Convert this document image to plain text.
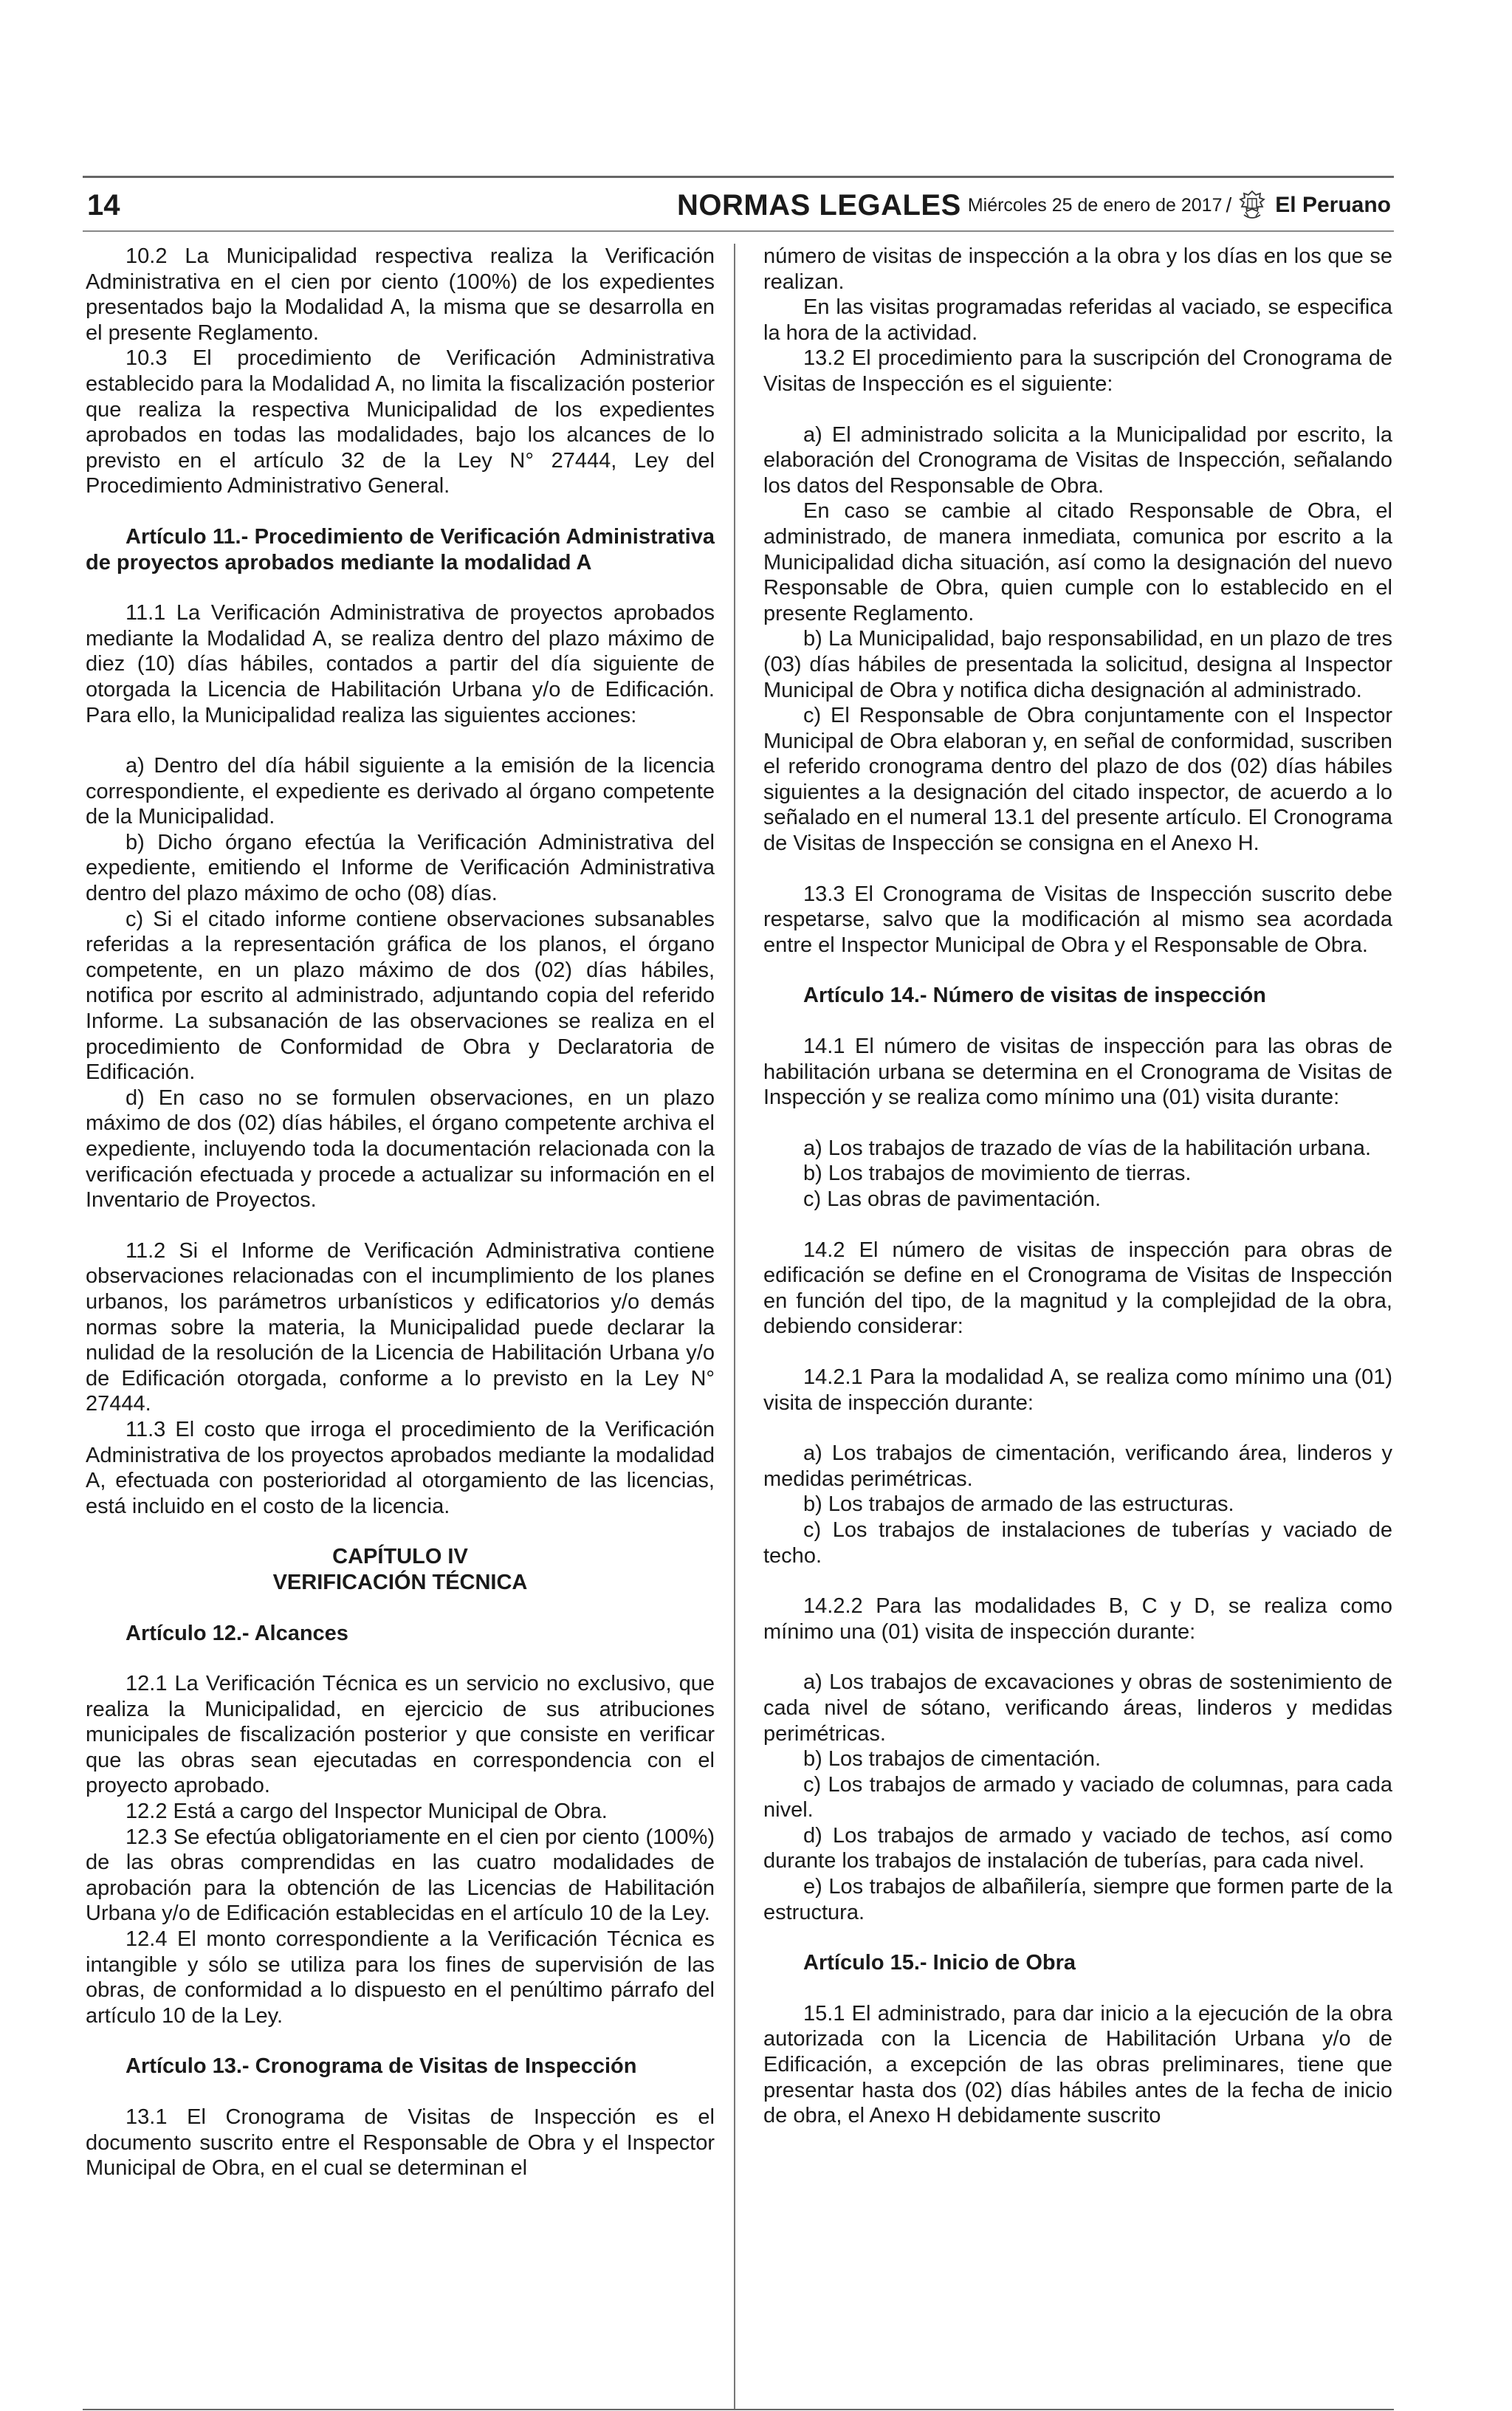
14	NORMAS LEGALES Miércoles 25 de enero de 2017 / El Peruano

10.2 La Municipalidad respectiva realiza la Verificación Administrativa en el cien por ciento (100%) de los expedientes presentados bajo la Modalidad A, la misma que se desarrolla en el presente Reglamento.

10.3 El procedimiento de Verificación Administrativa establecido para la Modalidad A, no limita la fiscalización posterior que realiza la respectiva Municipalidad de los expedientes aprobados en todas las modalidades, bajo los alcances de lo previsto en el artículo 32 de la Ley N° 27444, Ley del Procedimiento Administrativo General.

Artículo 11.- Procedimiento de Verificación Administrativa de proyectos aprobados mediante la modalidad A

11.1 La Verificación Administrativa de proyectos aprobados mediante la Modalidad A, se realiza dentro del plazo máximo de diez (10) días hábiles, contados a partir del día siguiente de otorgada la Licencia de Habilitación Urbana y/o de Edificación. Para ello, la Municipalidad realiza las siguientes acciones:

a) Dentro del día hábil siguiente a la emisión de la licencia correspondiente, el expediente es derivado al órgano competente de la Municipalidad.

b) Dicho órgano efectúa la Verificación Administrativa del expediente, emitiendo el Informe de Verificación Administrativa dentro del plazo máximo de ocho (08) días.

c) Si el citado informe contiene observaciones subsanables referidas a la representación gráfica de los planos, el órgano competente, en un plazo máximo de dos (02) días hábiles, notifica por escrito al administrado, adjuntando copia del referido Informe. La subsanación de las observaciones se realiza en el procedimiento de Conformidad de Obra y Declaratoria de Edificación.

d) En caso no se formulen observaciones, en un plazo máximo de dos (02) días hábiles, el órgano competente archiva el expediente, incluyendo toda la documentación relacionada con la verificación efectuada y procede a actualizar su información en el Inventario de Proyectos.

11.2 Si el Informe de Verificación Administrativa contiene observaciones relacionadas con el incumplimiento de los planes urbanos, los parámetros urbanísticos y edificatorios y/o demás normas sobre la materia, la Municipalidad puede declarar la nulidad de la resolución de la Licencia de Habilitación Urbana y/o de Edificación otorgada, conforme a lo previsto en la Ley N° 27444.

11.3 El costo que irroga el procedimiento de la Verificación Administrativa de los proyectos aprobados mediante la modalidad A, efectuada con posterioridad al otorgamiento de las licencias, está incluido en el costo de la licencia.

CAPÍTULO IV
VERIFICACIÓN TÉCNICA
Artículo 12.- Alcances

12.1 La Verificación Técnica es un servicio no exclusivo, que realiza la Municipalidad, en ejercicio de sus atribuciones municipales de fiscalización posterior y que consiste en verificar que las obras sean ejecutadas en correspondencia con el proyecto aprobado.

12.2 Está a cargo del Inspector Municipal de Obra.

12.3 Se efectúa obligatoriamente en el cien por ciento (100%) de las obras comprendidas en las cuatro modalidades de aprobación para la obtención de las Licencias de Habilitación Urbana y/o de Edificación establecidas en el artículo 10 de la Ley.

12.4 El monto correspondiente a la Verificación Técnica es intangible y sólo se utiliza para los fines de supervisión de las obras, de conformidad a lo dispuesto en el penúltimo párrafo del artículo 10 de la Ley.

Artículo 13.- Cronograma de Visitas de Inspección

13.1 El Cronograma de Visitas de Inspección es el documento suscrito entre el Responsable de Obra y el Inspector Municipal de Obra, en el cual se determinan el

número de visitas de inspección a la obra y los días en los que se realizan.

En las visitas programadas referidas al vaciado, se especifica la hora de la actividad.

13.2 El procedimiento para la suscripción del Cronograma de Visitas de Inspección es el siguiente:

a) El administrado solicita a la Municipalidad por escrito, la elaboración del Cronograma de Visitas de Inspección, señalando los datos del Responsable de Obra.

En caso se cambie al citado Responsable de Obra, el administrado, de manera inmediata, comunica por escrito a la Municipalidad dicha situación, así como la designación del nuevo Responsable de Obra, quien cumple con lo establecido en el presente Reglamento.

b) La Municipalidad, bajo responsabilidad, en un plazo de tres (03) días hábiles de presentada la solicitud, designa al Inspector Municipal de Obra y notifica dicha designación al administrado.

c) El Responsable de Obra conjuntamente con el Inspector Municipal de Obra elaboran y, en señal de conformidad, suscriben el referido cronograma dentro del plazo de dos (02) días hábiles siguientes a la designación del citado inspector, de acuerdo a lo señalado en el numeral 13.1 del presente artículo. El Cronograma de Visitas de Inspección se consigna en el Anexo H.

13.3 El Cronograma de Visitas de Inspección suscrito debe respetarse, salvo que la modificación al mismo sea acordada entre el Inspector Municipal de Obra y el Responsable de Obra.

Artículo 14.- Número de visitas de inspección

14.1 El número de visitas de inspección para las obras de habilitación urbana se determina en el Cronograma de Visitas de Inspección y se realiza como mínimo una (01) visita durante:

a) Los trabajos de trazado de vías de la habilitación urbana.

b) Los trabajos de movimiento de tierras.

c) Las obras de pavimentación.

14.2 El número de visitas de inspección para obras de edificación se define en el Cronograma de Visitas de Inspección en función del tipo, de la magnitud y la complejidad de la obra, debiendo considerar:

14.2.1 Para la modalidad A, se realiza como mínimo una (01) visita de inspección durante:

a) Los trabajos de cimentación, verificando área, linderos y medidas perimétricas.

b) Los trabajos de armado de las estructuras.

c) Los trabajos de instalaciones de tuberías y vaciado de techo.

14.2.2 Para las modalidades B, C y D, se realiza como mínimo una (01) visita de inspección durante:

a) Los trabajos de excavaciones y obras de sostenimiento de cada nivel de sótano, verificando áreas, linderos y medidas perimétricas.

b) Los trabajos de cimentación.

c) Los trabajos de armado y vaciado de columnas, para cada nivel.

d) Los trabajos de armado y vaciado de techos, así como durante los trabajos de instalación de tuberías, para cada nivel.

e) Los trabajos de albañilería, siempre que formen parte de la estructura.

Artículo 15.- Inicio de Obra

15.1 El administrado, para dar inicio a la ejecución de la obra autorizada con la Licencia de Habilitación Urbana y/o de Edificación, a excepción de las obras preliminares, tiene que presentar hasta dos (02) días hábiles antes de la fecha de inicio de obra, el Anexo H debidamente suscrito
